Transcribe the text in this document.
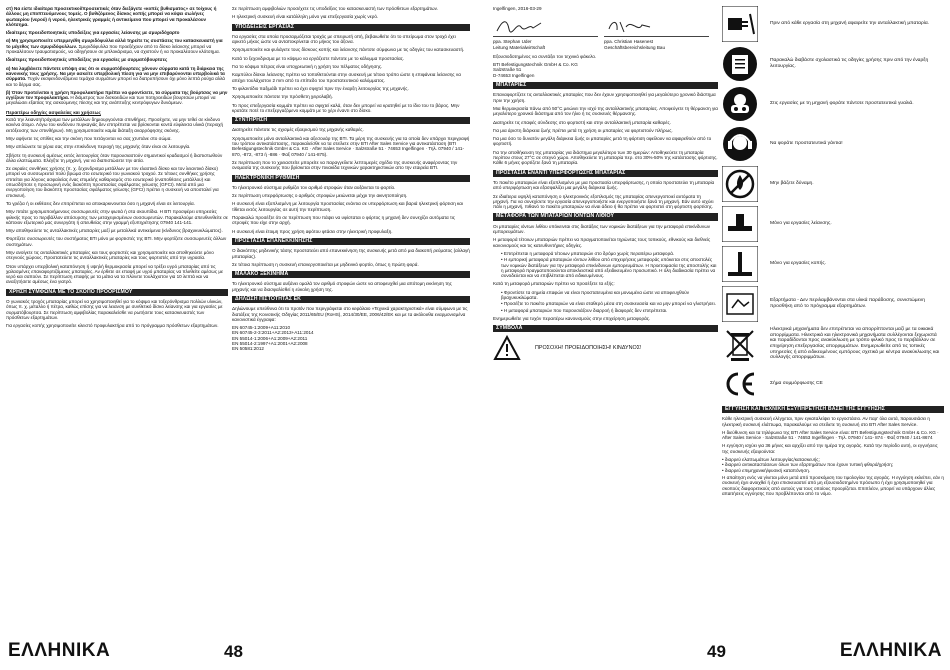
στ) Να είστε ιδιαίτερα προσεκτικοί/προσεκτικές όταν διεξάγετε «κοπές βυθισματος» σε τοίχους ή άλλους μη εποπτευόμενους τομείς. Ο βυθιζόμενος δίσκος κοπής μπορεί να κόψει σωλήνες φωταερίου (νερού) ή νερού, ηλεκτρικές γραμμές ή αντικείμενα που μπορεί να προκαλέσουν κλότσημα.

Ιδιαίτερες προειδοποιητικές υποδείξεις για εργασίες λείανσης με σμυριδόχαρτο

α) Μη χρησιμοποιείτε υπερμεγέθη σμυριδόφυλλα αλλά τηρείτε τις συστάσεις του κατασκευαστή για το μέγεθος των σμυριδόφυλλων. Σμυριδόφυλλα που προεξέχουν από το δίσκο λείανσης μπορεί να προκαλέσουν τραυματισμούς, να οδηγήσουν σε μπλοκάρισμα, να σχιστούν ή να προκαλέσουν κλότσημα.

Ιδιαίτερες προειδοποιητικές υποδείξεις για εργασίες με συρματόβουρτσες

α) Να λαμβάνετε πάντοτε υπόψη σας ότι οι συρματόβουρτσες χάνουν σύρματα κατά τη διάρκεια της κανονικής τους χρήσης. Να μην ασκείτε υπερβολική πίεση για να μην επιβαρύνονται υπερβολικά τα σύρματα. Τυχόν εκσφενδονιζόμενα τεμάχια συρμάτων μπορεί να διατρυπήσουν όχι μόνο λεπτά ρούχα αλλά και το δέρμα σας.

β) Όταν προτείνεται η χρήση προφυλακτήρα πρέπει να φροντίσετε, τα σύρματα της βούρτσας να μην εγγίζουν τον προφυλακτήρα. Η διάμετρος των δισκοειδών και των ποτηροειδών βουρτσών μπορεί να μεγαλώσει εξαιτίας της ασκούμενης πίεσης και της ανάπτυξης κεντρόφυγων δυνάμεων.

Περαιτέρω οδηγίες ασφαλείας και χρήσεως

Κατά την λειανση/τρόχισμα των μετάλλων δημιουργούνται σπινθήρες. Προσέχετε, να μην τεθεί σε κίνδυνο κανένα άτομο. Λόγω του κινδύνου πυρκαγιάς δεν επιτρέπεται να βρίσκονται κοντά εύφλεκτα υλικά (περιοχή εκτόξευσης των σπινθήρων). Μη χρησιμοποιείτε καμία διάταξη αναρρόφησης σκόνης.

Μην αφήνετε τις σπίθες και την σκόνη που πετάγονται να σας χτυπάνε στο σώμα.

Μην απλώνετε τα χέρια σας στην επικίνδυνη περιοχή της μηχανής όταν είναι σε λειτουργία.

Σβήστε τη συσκευή αμέσως εκτός λειτουργίας όταν παρουσιαστούν σημαντικοί κραδασμοί ή διαπιστωθούν άλλα ελαττώματα. Ελέγξτε τη μηχανή, για να διαπιστώσετε την αιτία.

Σε ακραίες συνθήκες χρήσης (π. χ. ξεχονδρισμα μετάλλων με τον ελαστικό δίσκο και τον λειαντικό δίσκο) μπορεί να συσσωρευτεί πολύ βρώμα στο εσωτερικό του γωνιακού τροχού. Σε τέτοιες συνθήκες χρήσης επιτείται για λόγους ασφαλείας ένας επιμελής καθαρισμός στο εσωτερικό (εναποθέσεις μετάλλου) και οπωσδήποτε η προσωρινή ενός διακόπτη προστασίας σφάλματος γείωσης (GFCI). Μετά από μια ενεργοποίηση του διακόπτη προστασίας σφάλματος γείωσης (GFCI) πρέπει η συσκευή να αποσταλεί για επισκευή.

Τα γρέζια ή οι εκθέσεις δεν επιτρέπεται να αποκαρκινονεται όσο η μηχανή είναι σε λειτουργία.

Μην πιτάτε χρησιμοποιήμενους συσσωρευτές στην φωτιά ή στα σκουπίδια. Η BTI προσφέρει υπηρεσίες φιλικής προς το περιβάλλον απόσυρσης των μεταχειρισμένων συσσωρευτών. Παρακαλούμε απευθυνθείτε σε κάποιον εξωτερικό μας συνεργάτη ή απευθείας στην γραμμή εξυπηρέτησης 07940 141-141.

Μην αποθηκεύετε τις ανταλλακτικές μπαταρίες μαζί με μεταλλικά αντικείμενα (κίνδυνος βραχυκυκλώματος).

Φορτίζετε συσσωρευτές του συστήματος BTI μόνο με φορτιστές της BTI. Μην φορτίζετε συσσωρευτές άλλων συστημάτων.

Μην ανοίγετε τις ανταλλακτικές μπαταρίες και τους φορτιστές και χρησιμοποιείτε και αποθηκεύετε μόνο στεγνούς χώρους. Προστατεύετε τις ανταλλακτικές μπαταρίες και τους φορτιστές από την υγρασία.

Όταν υπάρχει υπερβολική καταπόνηση ή υψηλή θερμοκρασία μπορεί να τρέξει υγρό μπαταρίας από τις χαλασμένες επαναφορτιζόμενες μπαταρίες. Αν έρθετε σε επαφή με υγρό μπαταρίας να πλυθείτε αμέσως με νερό και σαπούνι. Σε περίπτωση επαφής με τα μάτια να τα πλύνετε τουλάχιστον για 10 λεπτά και να αναζητήσετε αμέσως ένα γιατρό.

ΧΡΗΣΗ ΣΥΜΦΩΝΑ ΜΕ ΤΟ ΣΚΟΠΟ ΠΡΟΟΡΙΣΜΟΥ

Ο γωνιακός τροχός μπαταρίας μπορεί να χρησιμοποιηθεί για το κόψιμο και τοξερόνθρισμα πολλών υλικών, όπως π. χ. μέταλλο ή πέτρα, καθώς επίσης για να λειανση με συνθετικό δίσκο λείανσης και για εργασίες με συρματόβουρτσα. Σε περίπτωση αμφιβολίας παρακαλείσθε να ρωτήσετε τους κατασκευαστές των πρόσθετων εξαρτημάτων.

Για εργασίες κοπής χρησιμοποιείτε κλειστό προφυλακτήρα από το πρόγραμμα πρόσθετων εξαρτημάτων.

Σε περίπτωση αμφιβολιών προσέχετε τις υποδείξεις του κατασκευαστή των πρόσθετων εξαρτημάτων.

Η ηλεκτρική συσκευή είναι κατάλληλη μόνο για επεξεργασία χωρίς νερό.

ΥΠΟΔΕΙΞΕΙΣ ΕΡΓΑΣΙΑΣ

Για εργασίες στα οποία προσαρμόζεται τροχός με σπειρωτή οπή, βεβαιωθείτε ότι το σπείρωμα στον τροχό έχει αρκετό μήκος ώστε να ανταποκρίνεται στο μήκος του άξονα.

Χρησιμοποιείτε και φυλάγετε τους δίσκους κοπής και λείανσης πάντοτε σύμφωνα με τις οδηγίες του κατασκευαστή.

Κατά το ξεχονδρισμα με το κόψιμο να εργάζεστε πάντοτε με το κάλυμμα προστασίας.

Για το κόψιμο πέτρας είναι υποχρεωτική η χρήση του πέλματος οδήγησης.

Καμπύλοι δίσκοι λείανσης πρέπει να τοποθετούνται στην συσκευή με τέτοιο τρόπο ώστε η επιφάνεια λείανσης να απέχει τουλάχιστον 2 mm από το επίπεδο του προστατευτικού καλύμματος.

Το φιλαντίδιο παξιμάδι πρέπει να έχει σφιχτεί πριν την έναρξη λειτουργίας της μηχανής.

Χρησιμοποιείτε πάντοτε την πρόσθετη χειρολαβή.

Το προς επεξεργασία κομμάτι πρέπει να σφιχτεί καλά, όταν δεν μπορεί να κρατηθεί με το ίδιο του το βάρος. Μην κρατάτε ποτέ το επεξεργαζόμενο κομμάτι με το χέρι έναντι στο δίσκο.

ΣΥΝΤΗΡΗΣΗ

Διατηρείτε πάντοτε τις σχισμές εξαερισμού της μηχανής καθαρές.

Χρησιμοποιείτε μόνο ανταλλακτικά και αξεσουάρ της BTI. Τα μέρη της συσκευής για τα οποία δεν υπάρχει περιγραφή του τρόπου αντικατάστασης, παρακαλείσθε να τα στείλετε στην BTI After Sales Service για αντικατάσταση (BTI Befestigungstechnik GmbH & Co. KG · After Sales Service · Salzstraße 51 · 74653 Ingelfingen · Τηλ. 07940 / 141-870, -872, -873 ή -886 · Φαξ 07940 / 141-875).

Σε περίπτωση που το χρειαστείτε μπορείτε να παραγγείλετε λεπτομερές σχέδιο της συσκευής αναφέροντας την ονομασία της συσκευής που βρίσκεται στην πινακίδα τεχνικών χαρακτηριστικών απο την εταιρεία BTI.

ΗΛΕΚΤΡΟΝΙΚΗ ΡΥΘΜΙΣΗ

Το ηλεκτρονικό σύστημα ρυθμίζει τον αριθμό στροφών όταν αυξάνεται το φορτίο.

Σε περίπτωση υπερφόρτωσης ο αριθμός στροφών μειώνεται μέχρι την ακινητοποίηση.

Η συσκευή είναι εξοπλισμένη με λειτουργία προστασίας ενάντια σε υπερφόρτωση και βαριά ηλεκτρική φόρτιση και τίθεται εκτός λειτουργίας σε αυτή την περίπτωση.

Παρακαλώ προσέξτε ότι σε περίπτωση που πάψει να υφίσταται ο φόρτος η μηχανή δεν συνεχίζει αυτόματα τις στροφές που είχε στην αρχή.

Η συσκευή είναι έτοιμη προς χρήση αφότου φτάσει στην ηλεκτρική προφυλαξη.

ΠΡΟΣΤΑΣΙΑ ΕΠΑΝΕΚΚΙΝΗΣΗΣ

Ο διακόπτης μηδενικής τάσης προστατεύει από επανεκκίνηση της συσκευής μετά από μια διακοπή ρεύματος (αλλαγή μπαταρίας).

Σε τέτοια περίπτωση η συσκευή επανεργοποιείται με μηδενικό φορτίο, όπως η πρώτη φορά.

ΜΑΛΑΚΟ ΞΕΚΙΝΗΜΑ

Το ηλεκτρονικό σύστημα αυξάνει ομαλά τον αριθμό στροφών ώστε να αποφευχθεί μια απότομη εκκίνηση της μηχανής και να διασφαλίσθεί η εύκολη χρήση της.

ΔΗΛΩΣΗ ΠΙΣΤΟΤΗΤΑΣ ΕΚ

Δηλώνουμε υπεύθυνα ότι το προϊόν που περιγράφεται στο κεφάλαιο «Τεχνικά χαρακτηριστικά» είναι σύμφωνο με τις διατάξεις της Κοινοτικής Οδηγίας 2011/65/EU (RoHS), 2014/30/EE, 2006/42/ΕΚ και με τα ακόλουθα εναρμονισμένα κανονιστικά έγγραφα:

EN 60745-1:2009+A11:2010
EN 60745-2-3:2011+A2:2013+A11:2014
EN 55014-1:2006+A1:2009+A2:2011
EN 55014-2:1997+A1:2001+A2:2008
EN 50581:2012

Ingelfingen, 2016-03-29

ppa. Stephan Uder
Leitung Materialwirtschaft
ppa. Christian Hasenest
Geschäftsbereichsleitung Bau

Εξουσιοδοτημένος να συντάξει τον τεχνικό φάκελο.

BTI Befestigungstechnik GmbH & Co. KG
Salzstraße 51
D-74653 Ingelfingen
ΜΠΑΤΑΡΙΕΣ

Επαναφορτίζετε τις ανταλλακτικές μπαταρίες που δεν έχουν χρησιμοποιηθεί για μεγαλύτερο χρονικό διάστημα πριν την χρήση.

Μια θερμοκρασία πάνω από 50°C μειώνει την ισχύ της ανταλλακτικής μπαταρίας. Αποφεύγετε τη θέρμανση για μεγαλύτερο χρονικό διάστημα από τον ήλιο ή τις συσκευές θέρμανσης.

Διατηρείτε τις επαφές σύνδεσης στο φορτιστή και στην ανταλλακτική μπαταρία καθαρές.

Για μια άριστη διάρκεια ζωής πρέπει μετά τη χρήση οι μπαταρίες να φορτιστούν πλήρως.

Για μια όσο το δυνατόν μεγάλη διάρκεια ζωής οι μπαταρίες μετά τη φόρτιση οφείλουν να αφαιρεθούν από το φορτιστή.

Για την αποθήκευση της μπαταρίας για διάστημα μεγαλύτερο των 30 ημερών: Αποθηκεύετε τη μπαταρία περίπου στους 27°C σε στεγνό χώρο. Αποθηκεύετε τη μπαταρία περ. στο 30%-50% της κατάστασης φόρτισης. Κάθε 6 μήνες φορτίζετε ξανά τη μπαταρία.

ΠΡΟΣΤΑΣΙΑ ΕΝΑΝΤΙ ΥΠΕΡΦΟΡΤΩΣΗΣ ΜΠΑΤΑΡΙΑΣ

Το πακέτο μπαταριών είναι εξοπλισμένο με μια προστασία υπερφόρτωσης, η οποία προστατεύει τη μπαταρία από υπερφόρτωση και εξασφαλίζει μια μεγάλη διάρκεια ζωής.

Σε ιδιαίτερα υψηλή καταπόνηση ο ηλεκτρονικός εξοπλισμός της μπαταρίας απενεργοποιεί αυτόματα τη μηχανή. Για να συνεχίσετε την εργασία απενεργοποιήστε και ενεργοποιήστε ξανά τη μηχανή. Εάν αυτό ισχύει πάλι η μηχανή, πιθανό το πακέτο μπαταριών να είναι άδειο ή θα πρέπει να φορτιστεί στη φόρτιστη φορτίσης.

ΜΕΤΑΦΟΡΑ ΤΩΝ ΜΠΑΤΑΡΙΩΝ ΙΟΝΤΩΝ ΛΙΘΙΟΥ

Οι μπαταρίες ιόντων λιθίου υπόκεινται στις διατάξεις των νομικών διατάξεων για την μεταφορά επικίνδυνων εμπορευμάτων.

Η μεταφορά τέτοιων μπαταριών πρέπει να πραγματοποιείται τηρώντας τους τοπικούς, εθνικούς και διεθνείς κανονισμούς και τις κατευθυντήριες οδηγίες.

• Επιτρέπεται η μεταφορά τέτοιων μπαταριών στο δρόμο χωρίς περαιτέρω μεταφορά.
• Η εμπορική μεταφορά μπαταριών ιόντων λιθίου από επιχειρήσεις μεταφοράς υπόκειται στις αποστολές των νομικών διατάξεων για την μεταφορά επικίνδυνων εμπορευμάτων. Η προετοιμασία της αποστολής και η μεταφορά πραγματοποιούνται αποκλειστικά από εξειδικευμένο προσωπικό. Η όλη διαδικασία πρέπει να συνοδεύεται και να επιβλέπεται από ειδικευμένους.

Κατά τη μεταφορά μπαταριών πρέπει να προσέξετε τα εξής:

• Φροντίστε τα σημεία επαφών να είναι προστατευμένα και μονωμένα ώστε να αποφευχθούν βραχυκυκλώματα.
• Προσέξτε το πακέτο μπαταριών να είναι σταθερό μέσα στη συσκευασία και να μην μπορεί να γλιστρήσει.
• Η μεταφορά μπαταριών που παρουσιάζουν διαρροή ή διαφορές δεν επιτρέπεται.

Ενημερωθείτε για τυχόν περαιτέρω κανονισμούς στην επιχείρηση μεταφοράς.

ΣΥΜΒΟΛΑ
ΠΡΟΣΟΧΗ! ΠΡΟΕΙΔΟΠΟΙΗΣΗ! ΚΙΝΔΥΝΟΣ!
Πριν από κάθε εργασία στη μηχανή αφαιρείτε την ανταλλακτική μπαταρία.
Παρακαλώ διαβάστε σχολαστικά τις οδηγίες χρήσης πριν από την έναρξη λειτουργίας.
Στις εργασίες με τη μηχανή φοράτε πάντοτε προστατευτικά γυαλιά.
Να φοράτε προστατευτικά γάντια!
Μην βάζετε δύναμη.
Μόνο για εργασίες λείανσης.
Μόνο για εργασίες κοπής.
Εξαρτήματα - Δεν περιλαμβάνονται στα υλικά παράδοσης, συνιστώμενη προσθήκη από το πρόγραμμα εξαρτημάτων.
Ηλεκτρικά μηχανήματα δεν επιτρέπεται να απορρίπτονται μαζί με τα οικιακά απορρίμματα. Ηλεκτρικά και ηλεκτρονικά μηχανήματα συλλέγονται ξεχωριστά και παραδίδονται προς ανακύκλωση με τρόπο φιλικό προς το περιβάλλον σε επιχείρηση επεξεργασίας απορριμμάτων. Ενημερωθείτε από τις τοπικές υπηρεσίες ή από ειδικευμένους εμπόρους σχετικά με κέντρα ανακύκλωσης και συλλογής απορριμμάτων.
Σήμα συμμόρφωσης CE
ΕΓΓΥΗΣΗ ΚΑΙ ΤΕΧΝΙΚΗ ΕΞΥΠΗΡΕΤΗΣΗ ΒΑΣΕΙ ΤΗΣ ΕΓΓΥΗΣΗΣ

Κάθε ηλεκτρική συσκευή ελέγχεται, πριν εγκαταλείψει το εργοστάσιο. Αν παρ' όλα αυτά, παρουσιάσει η ηλεκτρική συσκευή ελάττωμα, παρακαλούμε να στείλετε τη συσκευή στο BTI After Sales Service.

Η διεύθυνση και τα τηλέφωνα της BTI After Sales Service είναι: BTI Befestigungstechnik GmbH & Co. KG · After Sales Service · Salzstraße 51 · 74653 Ingelfingen · Τηλ. 07940 / 141- 874 · Φαξ 07940 / 141-8674

Η εγγύηση ισχύει για 36 μήνες και αρχίζει από την ημέρα της αγοράς. Κατά την περίοδο αυτή, οι εγγυήσεις της συσκευής εξαιρούνται:

• διαρρεύ ελαττωμάτων λειτουργίας/κατασκευής;
• διαρρεύ αντικαταστάσεων όλων των εξαρτημάτων που έχουν τυπική φθορά/χρήση;
• διαρρεύ επιμηχανική/φυσική καταπόνηση.

Η απαίτηση ενός να γίνεται μόνο μετά από προσκόμιση του τιμολογίου της αγοράς. Η εγγύηση εκλείπει, εάν η συσκευή έχει ανοιχθεί ή έχει επισκευαστεί από μη εξουσιοδοτημένο πρόσωπο ή έχει χρησιμοποιηθεί για σκοπούς διαφορετικούς από αυτούς για τους οποίους προορίζεται. Επιπλέον, μπορεί να υπάρχουν άλλες απαιτήσεις εγγύησης που προβλέπονται από το νόμο.

ΕΛΛΗΝΙΚΑ	48	49	ΕΛΛΗΝΙΚΑ
